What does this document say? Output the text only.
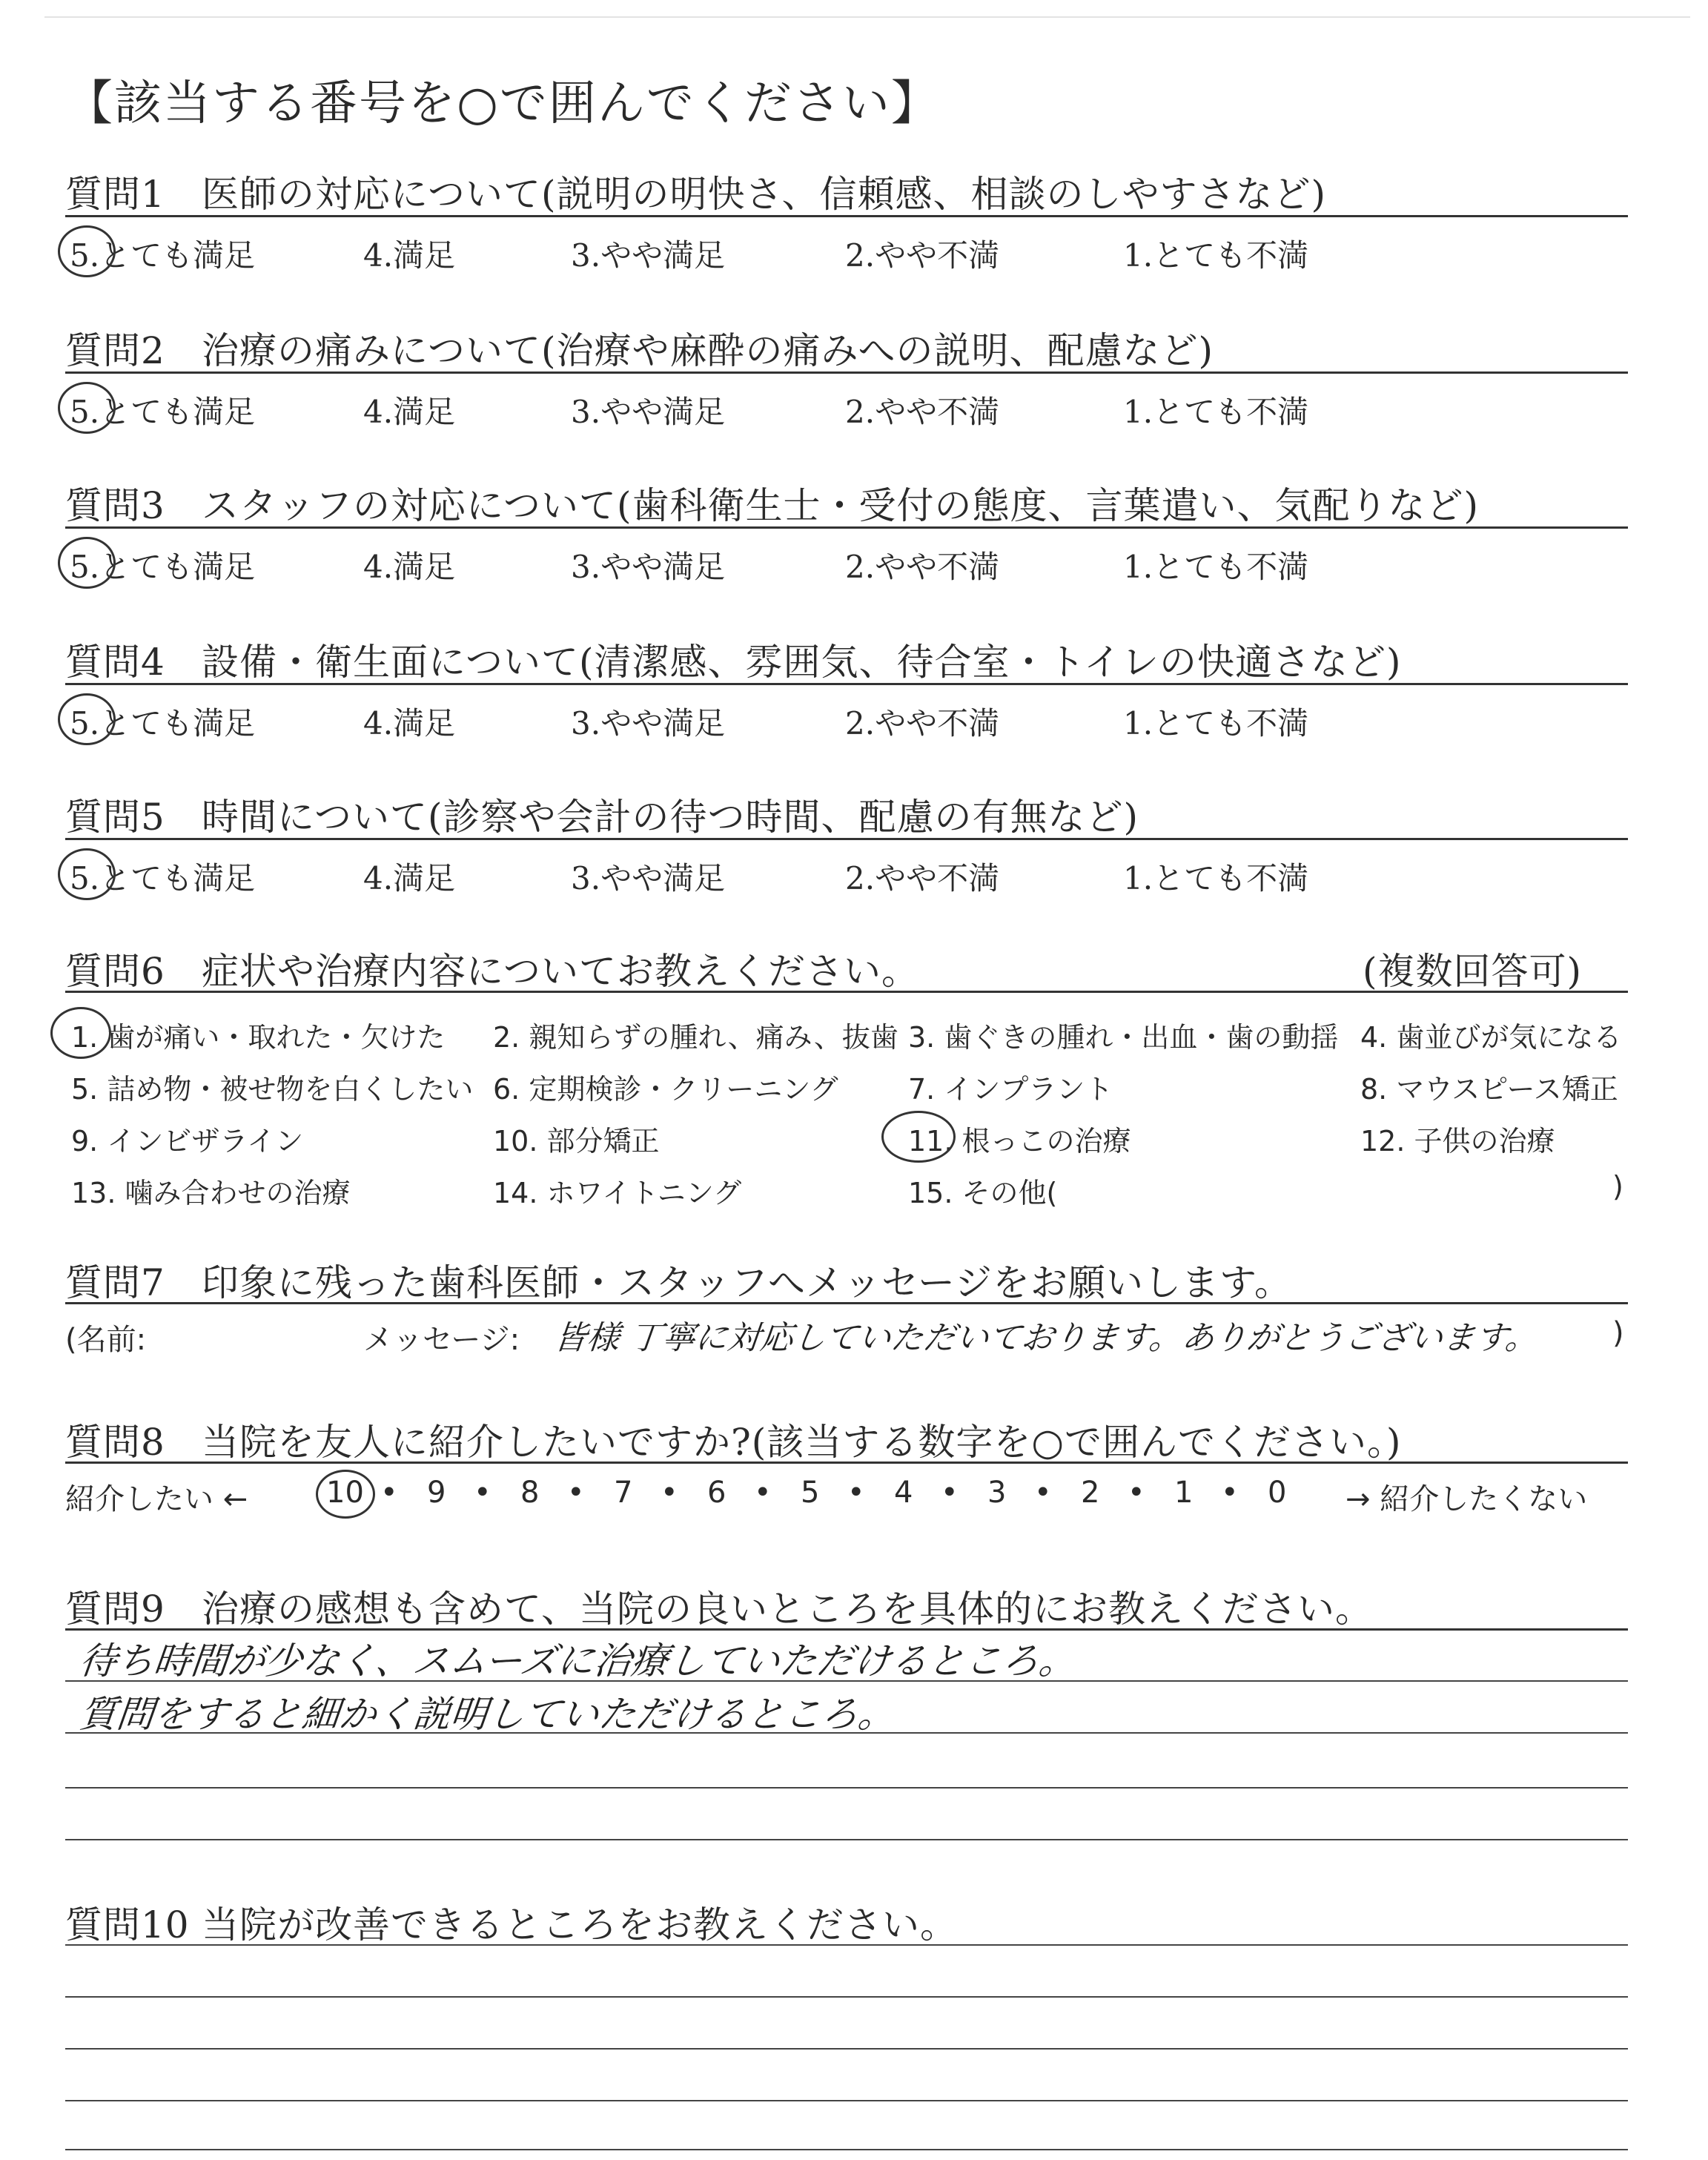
【該当する番号を○で囲んでください】
質問1 医師の対応について(説明の明快さ、信頼感、相談のしやすさなど)
5.とても満足	4.満足	3.やや満足	2.やや不満	1.とても不満
質問2 治療の痛みについて(治療や麻酔の痛みへの説明、配慮など)
5.とても満足	4.満足	3.やや満足	2.やや不満	1.とても不満
質問3 スタッフの対応について(歯科衛生士・受付の態度、言葉遣い、気配りなど)
5.とても満足	4.満足	3.やや満足	2.やや不満	1.とても不満
質問4 設備・衛生面について(清潔感、雰囲気、待合室・トイレの快適さなど)
5.とても満足	4.満足	3.やや満足	2.やや不満	1.とても不満
質問5 時間について(診察や会計の待つ時間、配慮の有無など)
5.とても満足	4.満足	3.やや満足	2.やや不満	1.とても不満
質問6 症状や治療内容についてお教えください。	(複数回答可)
1. 歯が痛い・取れた・欠けた 2. 親知らずの腫れ、痛み、抜歯 3. 歯ぐきの腫れ・出血・歯の動揺 4. 歯並びが気になる
5. 詰め物・被せ物を白くしたい 6. 定期検診・クリーニング 7. インプラント	8. マウスピース矯正
9. インビザライン	10. 部分矯正	11. 根っこの治療	12. 子供の治療
13. 噛み合わせの治療	14. ホワイトニング	15. その他(	)
質問7 印象に残った歯科医師・スタッフへメッセージをお願いします。
(名前:	メッセージ: 皆様 丁寧に対応していただいております。ありがとうございます。 )
質問8 当院を友人に紹介したいですか?(該当する数字を○で囲んでください。)
紹介したい ←	→ 紹介したくない
10 • 9 • 8 • 7 • 6 • 5 • 4 • 3 • 2 • 1 • 0
質問9 治療の感想も含めて、当院の良いところを具体的にお教えください。
待ち時間が少なく、スムーズに治療していただけるところ。
質問をすると細かく説明していただけるところ。
質問10 当院が改善できるところをお教えください。
